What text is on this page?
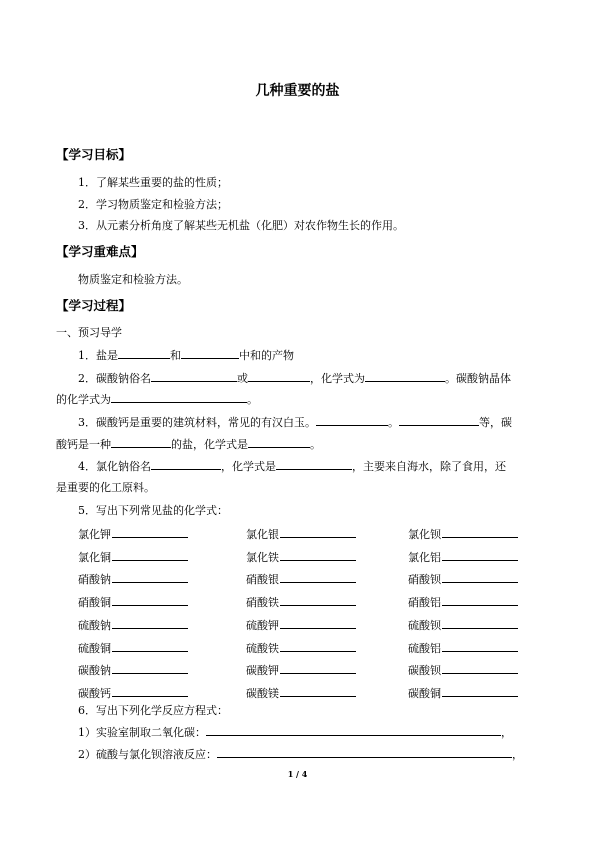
几种重要的盐
【学习目标】
1．了解某些重要的盐的性质；
2．学习物质鉴定和检验方法；
3．从元素分析角度了解某些无机盐（化肥）对农作物生长的作用。
【学习重难点】
物质鉴定和检验方法。
【学习过程】
一、预习导学
1．盐是	和	中和的产物
2．碳酸钠俗名	或	，化学式为	。碳酸钠晶体
的化学式为	。
3．碳酸钙是重要的建筑材料，常见的有汉白玉。	。	等，碳
酸钙是一种	的盐，化学式是	。
4．氯化钠俗名	，化学式是	，主要来自海水，除了食用，还
是重要的化工原料。
5．写出下列常见盐的化学式：
氯化钾	氯化银	氯化钡
氯化铜	氯化铁	氯化铝
硝酸钠	硝酸银	硝酸钡
硝酸铜	硝酸铁	硝酸铝
硫酸钠	硫酸钾	硫酸钡
硫酸铜	硫酸铁	硫酸铝
碳酸钠	碳酸钾	碳酸钡
碳酸钙	碳酸镁	碳酸铜
6．写出下列化学反应方程式：
1）实验室制取二氧化碳：	，
2）硫酸与氯化钡溶液反应：	，
1 / 4
